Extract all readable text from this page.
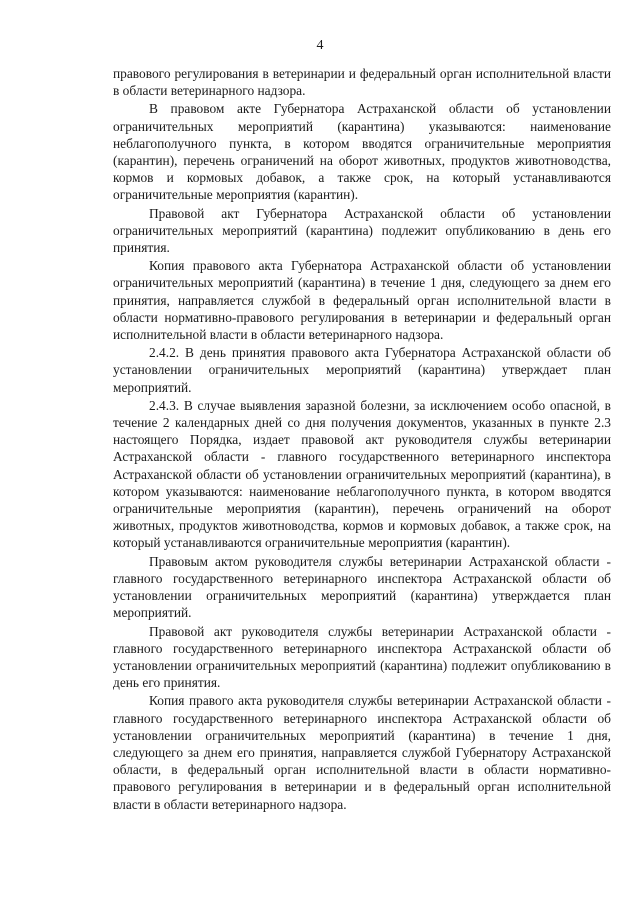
4

правового регулирования в ветеринарии и федеральный орган исполнительной власти в области ветеринарного надзора.

В правовом акте Губернатора Астраханской области об установлении ограничительных мероприятий (карантина) указываются: наименование неблагополучного пункта, в котором вводятся ограничительные мероприятия (карантин), перечень ограничений на оборот животных, продуктов животноводства, кормов и кормовых добавок, а также срок, на который устанавливаются ограничительные мероприятия (карантин).

Правовой акт Губернатора Астраханской области об установлении ограничительных мероприятий (карантина) подлежит опубликованию в день его принятия.

Копия правового акта Губернатора Астраханской области об установлении ограничительных мероприятий (карантина) в течение 1 дня, следующего за днем его принятия, направляется службой в федеральный орган исполнительной власти в области нормативно-правового регулирования в ветеринарии и федеральный орган исполнительной власти в области ветеринарного надзора.

2.4.2. В день принятия правового акта Губернатора Астраханской области об установлении ограничительных мероприятий (карантина) утверждает план мероприятий.

2.4.3. В случае выявления заразной болезни, за исключением особо опасной, в течение 2 календарных дней со дня получения документов, указанных в пункте 2.3 настоящего Порядка, издает правовой акт руководителя службы ветеринарии Астраханской области - главного государственного ветеринарного инспектора Астраханской области об установлении ограничительных мероприятий (карантина), в котором указываются: наименование неблагополучного пункта, в котором вводятся ограничительные мероприятия (карантин), перечень ограничений на оборот животных, продуктов животноводства, кормов и кормовых добавок, а также срок, на который устанавливаются ограничительные мероприятия (карантин).

Правовым актом руководителя службы ветеринарии Астраханской области - главного государственного ветеринарного инспектора Астраханской области об установлении ограничительных мероприятий (карантина) утверждается план мероприятий.

Правовой акт руководителя службы ветеринарии Астраханской области - главного государственного ветеринарного инспектора Астраханской области об установлении ограничительных мероприятий (карантина) подлежит опубликованию в день его принятия.

Копия правого акта руководителя службы ветеринарии Астраханской области - главного государственного ветеринарного инспектора Астраханской области об установлении ограничительных мероприятий (карантина) в течение 1 дня, следующего за днем его принятия, направляется службой Губернатору Астраханской области, в федеральный орган исполнительной власти в области нормативно-правового регулирования в ветеринарии и в федеральный орган исполнительной власти в области ветеринарного надзора.
